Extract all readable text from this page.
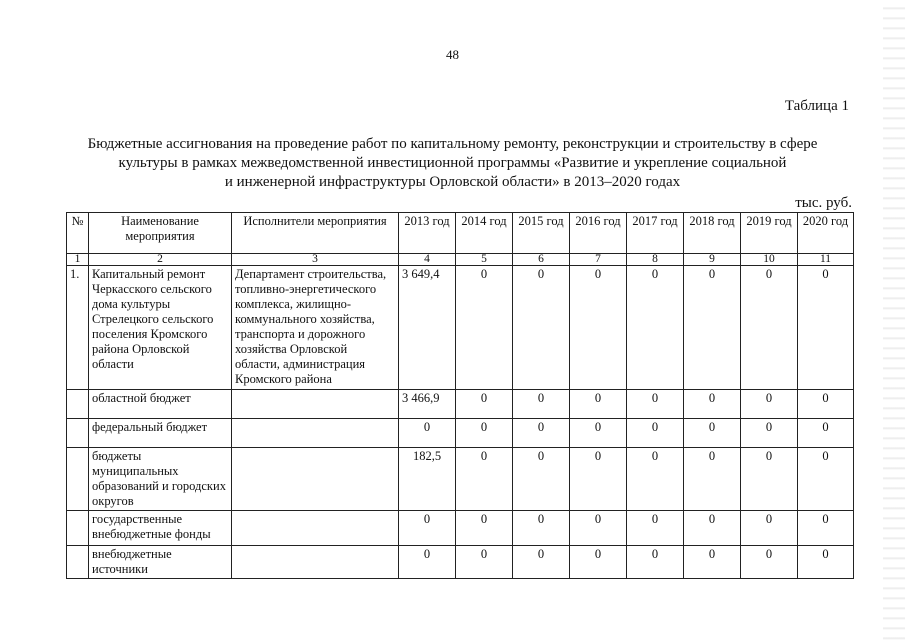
48
Таблица 1
Бюджетные ассигнования на проведение работ по капитальному ремонту, реконструкции и строительству в сфере
культуры в рамках межведомственной инвестиционной программы «Развитие и укрепление социальной
и инженерной инфраструктуры Орловской области» в 2013–2020 годах
тыс. руб.
№	Наименование мероприятия	Исполнители мероприятия	2013 год	2014 год	2015 год	2016 год	2017 год	2018 год	2019 год	2020 год
1	2	3	4	5	6	7	8	9	10	11
1.	Капитальный ремонт Черкасского сельского дома культуры Стрелецкого сельского поселения Кромского района Орловской области	Департамент строительства, топливно-энергетического комплекса, жилищно-коммунального хозяйства, транспорта и дорожного хозяйства Орловской области, администрация Кромского района	3 649,4	0	0	0	0	0	0	0
	областной бюджет		3 466,9	0	0	0	0	0	0	0
	федеральный бюджет		0	0	0	0	0	0	0	0
	бюджеты муниципальных образований и городских округов		182,5	0	0	0	0	0	0	0
	государственные внебюджетные фонды		0	0	0	0	0	0	0	0
	внебюджетные источники		0	0	0	0	0	0	0	0
